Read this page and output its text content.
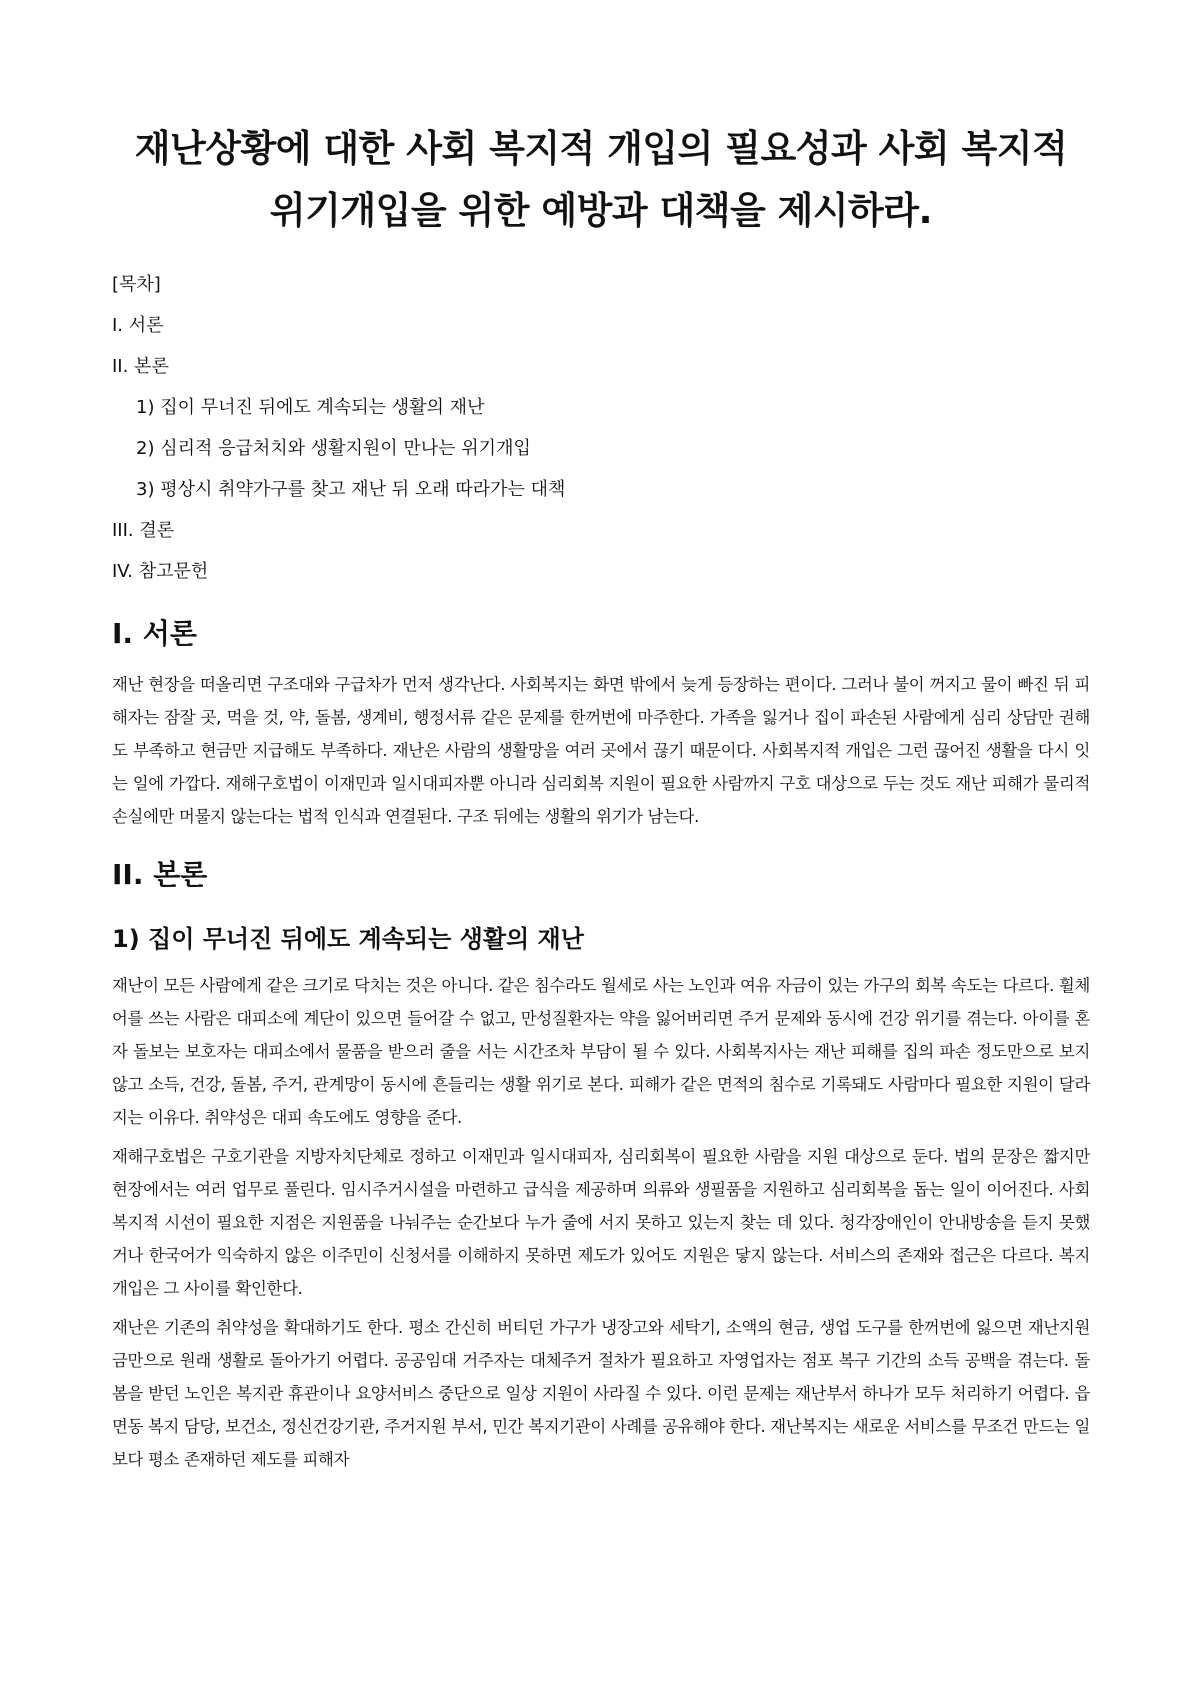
재난상황에 대한 사회 복지적 개입의 필요성과 사회 복지적 위기개입을 위한 예방과 대책을 제시하라.
[목차]
I. 서론
II. 본론
1) 집이 무너진 뒤에도 계속되는 생활의 재난
2) 심리적 응급처치와 생활지원이 만나는 위기개입
3) 평상시 취약가구를 찾고 재난 뒤 오래 따라가는 대책
III. 결론
IV. 참고문헌
I. 서론

재난 현장을 떠올리면 구조대와 구급차가 먼저 생각난다. 사회복지는 화면 밖에서 늦게 등장하는 편이다. 그러나 불이 꺼지고 물이 빠진 뒤 피해자는 잠잘 곳, 먹을 것, 약, 돌봄, 생계비, 행정서류 같은 문제를 한꺼번에 마주한다. 가족을 잃거나 집이 파손된 사람에게 심리 상담만 권해도 부족하고 현금만 지급해도 부족하다. 재난은 사람의 생활망을 여러 곳에서 끊기 때문이다. 사회복지적 개입은 그런 끊어진 생활을 다시 잇는 일에 가깝다. 재해구호법이 이재민과 일시대피자뿐 아니라 심리회복 지원이 필요한 사람까지 구호 대상으로 두는 것도 재난 피해가 물리적 손실에만 머물지 않는다는 법적 인식과 연결된다. 구조 뒤에는 생활의 위기가 남는다.

II. 본론
1) 집이 무너진 뒤에도 계속되는 생활의 재난

재난이 모든 사람에게 같은 크기로 닥치는 것은 아니다. 같은 침수라도 월세로 사는 노인과 여유 자금이 있는 가구의 회복 속도는 다르다. 휠체어를 쓰는 사람은 대피소에 계단이 있으면 들어갈 수 없고, 만성질환자는 약을 잃어버리면 주거 문제와 동시에 건강 위기를 겪는다. 아이를 혼자 돌보는 보호자는 대피소에서 물품을 받으러 줄을 서는 시간조차 부담이 될 수 있다. 사회복지사는 재난 피해를 집의 파손 정도만으로 보지 않고 소득, 건강, 돌봄, 주거, 관계망이 동시에 흔들리는 생활 위기로 본다. 피해가 같은 면적의 침수로 기록돼도 사람마다 필요한 지원이 달라지는 이유다. 취약성은 대피 속도에도 영향을 준다.

재해구호법은 구호기관을 지방자치단체로 정하고 이재민과 일시대피자, 심리회복이 필요한 사람을 지원 대상으로 둔다. 법의 문장은 짧지만 현장에서는 여러 업무로 풀린다. 임시주거시설을 마련하고 급식을 제공하며 의류와 생필품을 지원하고 심리회복을 돕는 일이 이어진다. 사회복지적 시선이 필요한 지점은 지원품을 나눠주는 순간보다 누가 줄에 서지 못하고 있는지 찾는 데 있다. 청각장애인이 안내방송을 듣지 못했거나 한국어가 익숙하지 않은 이주민이 신청서를 이해하지 못하면 제도가 있어도 지원은 닿지 않는다. 서비스의 존재와 접근은 다르다. 복지 개입은 그 사이를 확인한다.

재난은 기존의 취약성을 확대하기도 한다. 평소 간신히 버티던 가구가 냉장고와 세탁기, 소액의 현금, 생업 도구를 한꺼번에 잃으면 재난지원금만으로 원래 생활로 돌아가기 어렵다. 공공임대 거주자는 대체주거 절차가 필요하고 자영업자는 점포 복구 기간의 소득 공백을 겪는다. 돌봄을 받던 노인은 복지관 휴관이나 요양서비스 중단으로 일상 지원이 사라질 수 있다. 이런 문제는 재난부서 하나가 모두 처리하기 어렵다. 읍면동 복지 담당, 보건소, 정신건강기관, 주거지원 부서, 민간 복지기관이 사례를 공유해야 한다. 재난복지는 새로운 서비스를 무조건 만드는 일보다 평소 존재하던 제도를 피해자
